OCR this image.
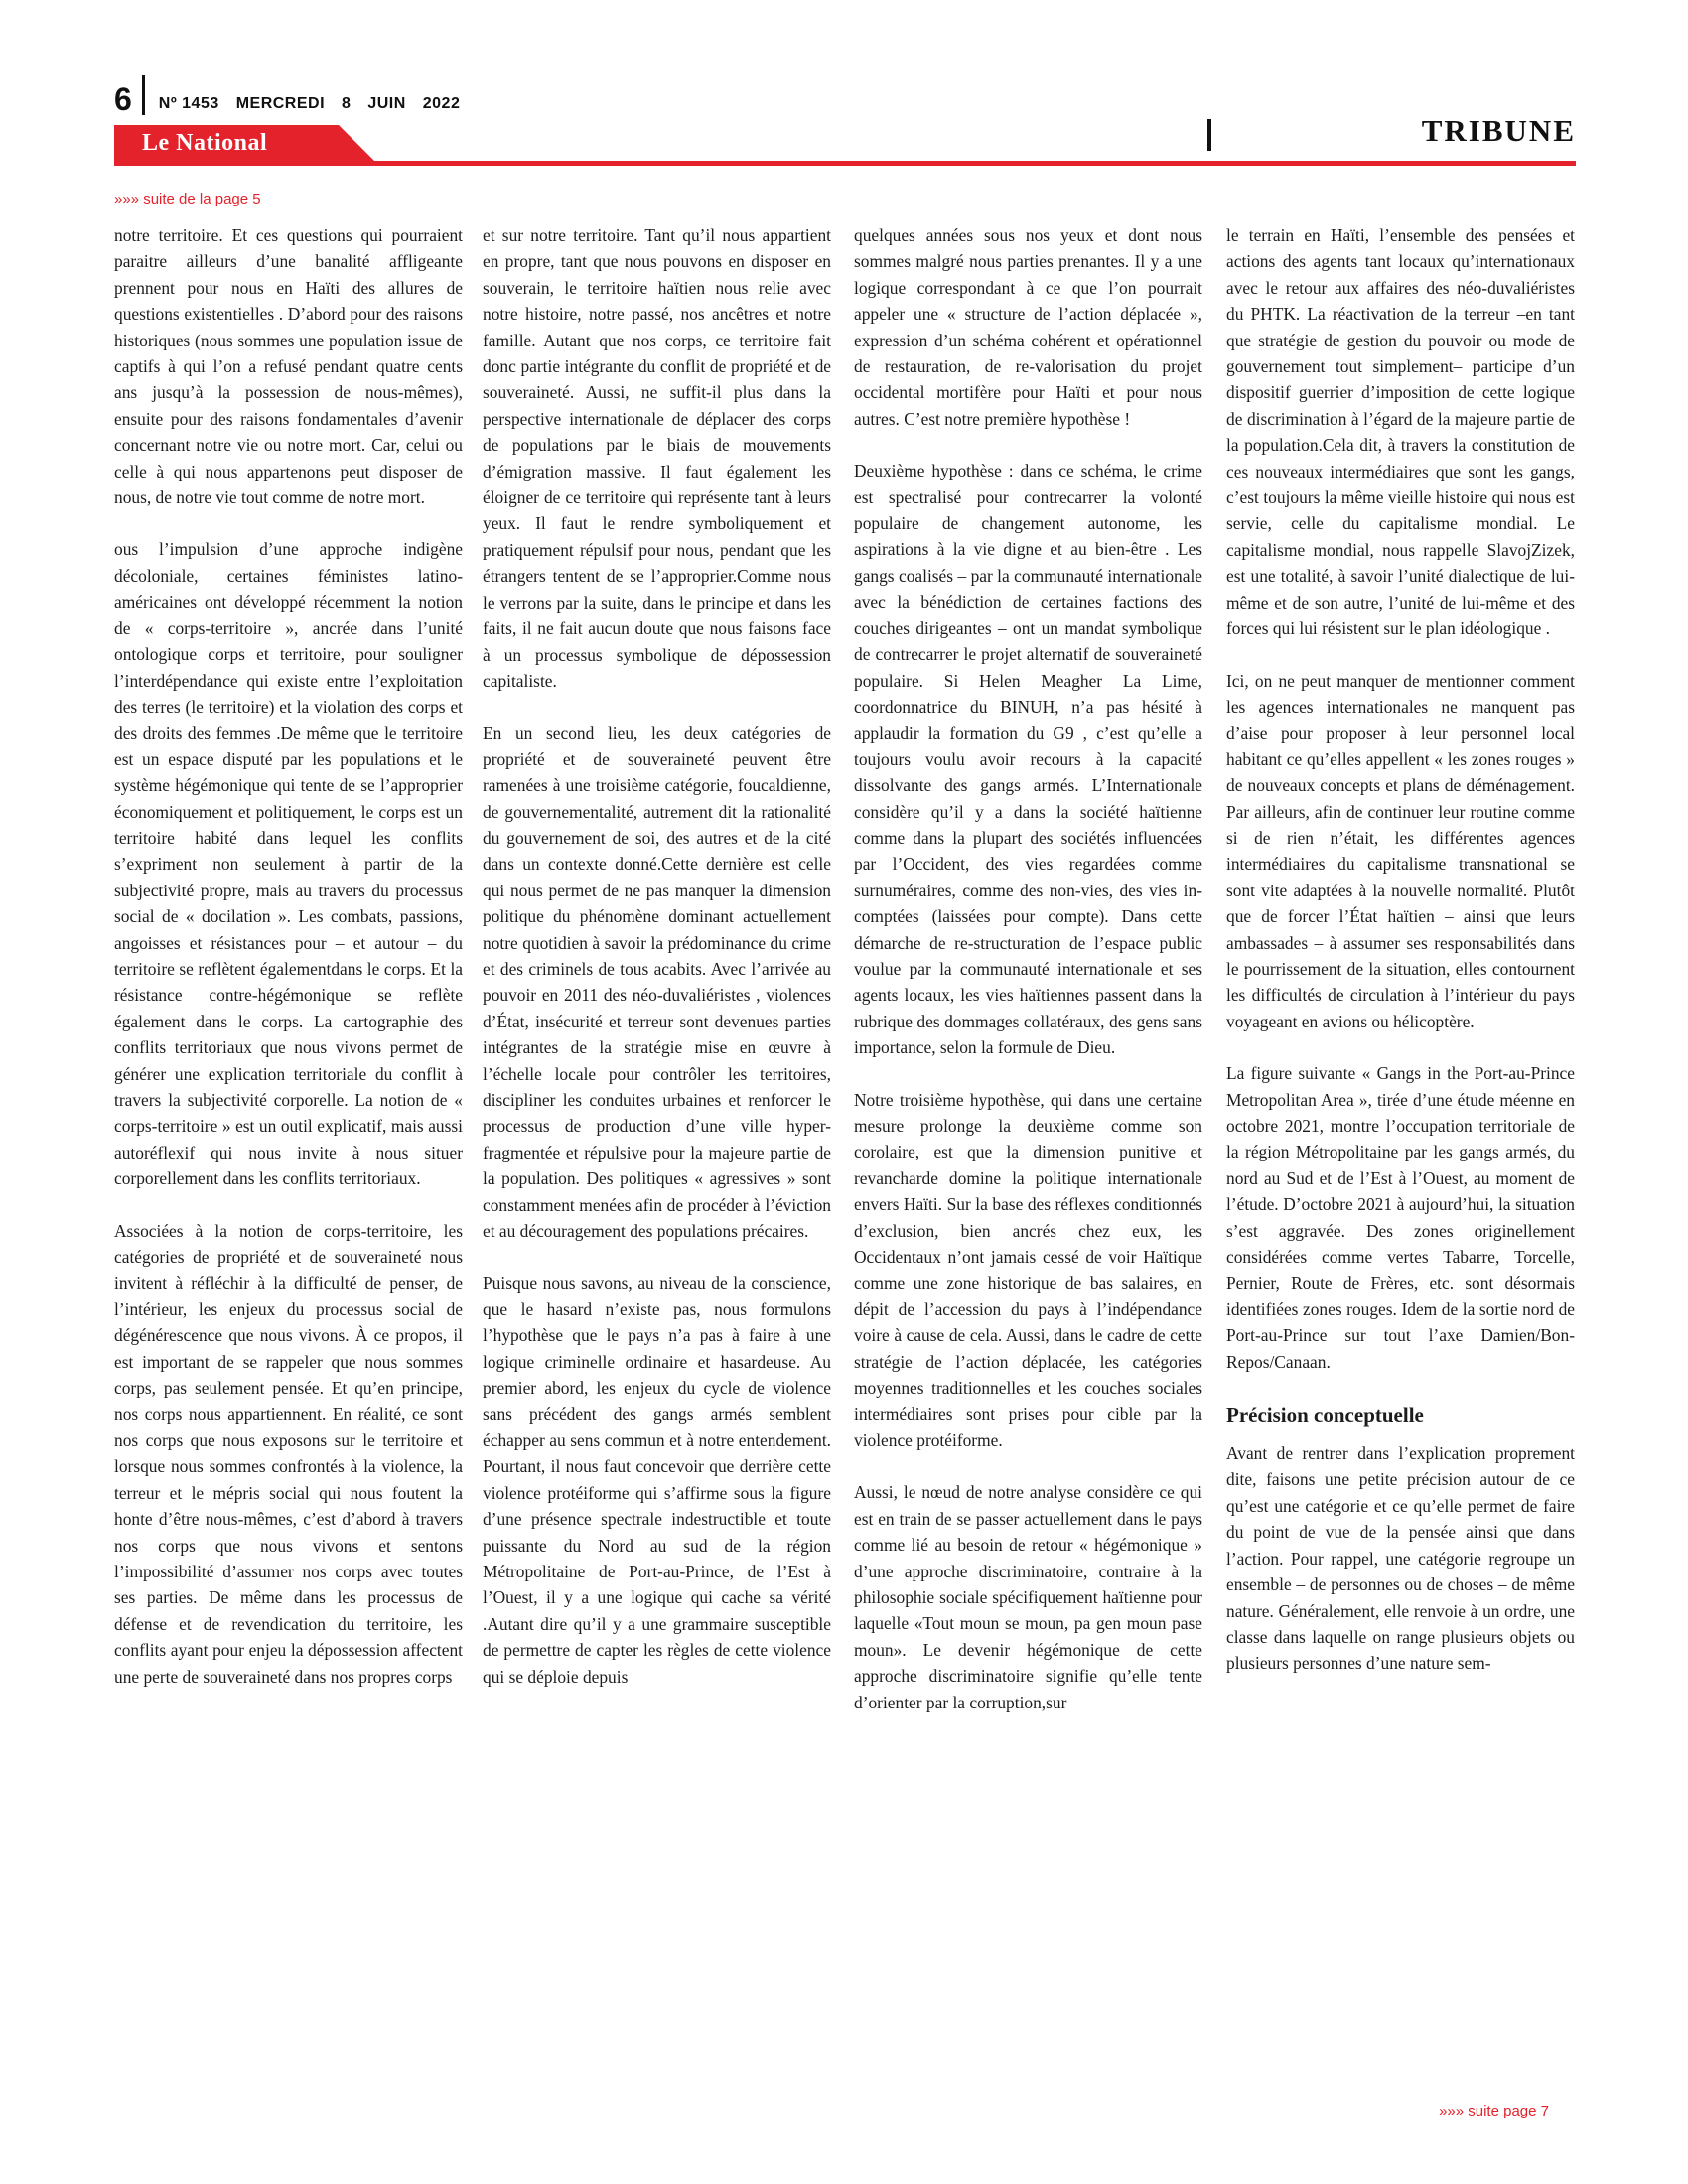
6 Nº 1453 MERCREDI 8 JUIN 2022
TRIBUNE
Le National
»»» suite de la page 5

notre territoire. Et ces questions qui pourraient paraitre ailleurs d’une banalité affligeante prennent pour nous en Haïti des allures de questions existentielles . D’abord pour des raisons historiques (nous sommes une population issue de captifs à qui l’on a refusé pendant quatre cents ans jusqu’à la possession de nous-mêmes), ensuite pour des raisons fondamentales d’avenir concernant notre vie ou notre mort. Car, celui ou celle à qui nous appartenons peut disposer de nous, de notre vie tout comme de notre mort.

ous l’impulsion d’une approche indigène décoloniale, certaines féministes latino-américaines ont développé récemment la notion de « corps-territoire », ancrée dans l’unité ontologique corps et territoire, pour souligner l’interdépendance qui existe entre l’exploitation des terres (le territoire) et la violation des corps et des droits des femmes .De même que le territoire est un espace disputé par les populations et le système hégémonique qui tente de se l’approprier économiquement et politiquement, le corps est un territoire habité dans lequel les conflits s’expriment non seulement à partir de la subjectivité propre, mais au travers du processus social de « docilation ». Les combats, passions, angoisses et résistances pour – et autour – du territoire se reflètent égalementdans le corps. Et la résistance contre-hégémonique se reflète également dans le corps. La cartographie des conflits territoriaux que nous vivons permet de générer une explication territoriale du conflit à travers la subjectivité corporelle. La notion de « corps-territoire » est un outil explicatif, mais aussi autoréflexif qui nous invite à nous situer corporellement dans les conflits territoriaux.

Associées à la notion de corps-territoire, les catégories de propriété et de souveraineté nous invitent à réfléchir à la difficulté de penser, de l’intérieur, les enjeux du processus social de dégénérescence que nous vivons. À ce propos, il est important de se rappeler que nous sommes corps, pas seulement pensée. Et qu’en principe, nos corps nous appartiennent. En réalité, ce sont nos corps que nous exposons sur le territoire et lorsque nous sommes confrontés à la violence, la terreur et le mépris social qui nous foutent la honte d’être nous-mêmes, c’est d’abord à travers nos corps que nous vivons et sentons l’impossibilité d’assumer nos corps avec toutes ses parties. De même dans les processus de défense et de revendication du territoire, les conflits ayant pour enjeu la dépossession affectent une perte de souveraineté dans nos propres corps

et sur notre territoire. Tant qu’il nous appartient en propre, tant que nous pouvons en disposer en souverain, le territoire haïtien nous relie avec notre histoire, notre passé, nos ancêtres et notre famille. Autant que nos corps, ce territoire fait donc partie intégrante du conflit de propriété et de souveraineté. Aussi, ne suffit-il plus dans la perspective internationale de déplacer des corps de populations par le biais de mouvements d’émigration massive. Il faut également les éloigner de ce territoire qui représente tant à leurs yeux. Il faut le rendre symboliquement et pratiquement répulsif pour nous, pendant que les étrangers tentent de se l’approprier.Comme nous le verrons par la suite, dans le principe et dans les faits, il ne fait aucun doute que nous faisons face à un processus symbolique de dépossession capitaliste.

En un second lieu, les deux catégories de propriété et de souveraineté peuvent être ramenées à une troisième catégorie, foucaldienne, de gouvernementalité, autrement dit la rationalité du gouvernement de soi, des autres et de la cité dans un contexte donné.Cette dernière est celle qui nous permet de ne pas manquer la dimension politique du phénomène dominant actuellement notre quotidien à savoir la prédominance du crime et des criminels de tous acabits. Avec l’arrivée au pouvoir en 2011 des néo-duvaliéristes , violences d’État, insécurité et terreur sont devenues parties intégrantes de la stratégie mise en œuvre à l’échelle locale pour contrôler les territoires, discipliner les conduites urbaines et renforcer le processus de production d’une ville hyper-fragmentée et répulsive pour la majeure partie de la population. Des politiques « agressives » sont constamment menées afin de procéder à l’éviction et au découragement des populations précaires.

Puisque nous savons, au niveau de la conscience, que le hasard n’existe pas, nous formulons l’hypothèse que le pays n’a pas à faire à une logique criminelle ordinaire et hasardeuse. Au premier abord, les enjeux du cycle de violence sans précédent des gangs armés semblent échapper au sens commun et à notre entendement. Pourtant, il nous faut concevoir que derrière cette violence protéiforme qui s’affirme sous la figure d’une présence spectrale indestructible et toute puissante du Nord au sud de la région Métropolitaine de Port-au-Prince, de l’Est à l’Ouest, il y a une logique qui cache sa vérité .Autant dire qu’il y a une grammaire susceptible de permettre de capter les règles de cette violence qui se déploie depuis

quelques années sous nos yeux et dont nous sommes malgré nous parties prenantes. Il y a une logique correspondant à ce que l’on pourrait appeler une « structure de l’action déplacée », expression d’un schéma cohérent et opérationnel de restauration, de re-valorisation du projet occidental mortifère pour Haïti et pour nous autres. C’est notre première hypothèse !

Deuxième hypothèse : dans ce schéma, le crime est spectralisé pour contrecarrer la volonté populaire de changement autonome, les aspirations à la vie digne et au bien-être . Les gangs coalisés – par la communauté internationale avec la bénédiction de certaines factions des couches dirigeantes – ont un mandat symbolique de contrecarrer le projet alternatif de souveraineté populaire. Si Helen Meagher La Lime, coordonnatrice du BINUH, n’a pas hésité à applaudir la formation du G9 , c’est qu’elle a toujours voulu avoir recours à la capacité dissolvante des gangs armés. L’Internationale considère qu’il y a dans la société haïtienne comme dans la plupart des sociétés influencées par l’Occident, des vies regardées comme surnuméraires, comme des non-vies, des vies in-comptées (laissées pour compte). Dans cette démarche de re-structuration de l’espace public voulue par la communauté internationale et ses agents locaux, les vies haïtiennes passent dans la rubrique des dommages collatéraux, des gens sans importance, selon la formule de Dieu.

Notre troisième hypothèse, qui dans une certaine mesure prolonge la deuxième comme son corolaire, est que la dimension punitive et revancharde domine la politique internationale envers Haïti. Sur la base des réflexes conditionnés d’exclusion, bien ancrés chez eux, les Occidentaux n’ont jamais cessé de voir Haïtique comme une zone historique de bas salaires, en dépit de l’accession du pays à l’indépendance voire à cause de cela. Aussi, dans le cadre de cette stratégie de l’action déplacée, les catégories moyennes traditionnelles et les couches sociales intermédiaires sont prises pour cible par la violence protéiforme.

Aussi, le nœud de notre analyse considère ce qui est en train de se passer actuellement dans le pays comme lié au besoin de retour « hégémonique » d’une approche discriminatoire, contraire à la philosophie sociale spécifiquement haïtienne pour laquelle «Tout moun se moun, pa gen moun pase moun». Le devenir hégémonique de cette approche discriminatoire signifie qu’elle tente d’orienter par la corruption,sur

le terrain en Haïti, l’ensemble des pensées et actions des agents tant locaux qu’internationaux avec le retour aux affaires des néo-duvaliéristes du PHTK. La réactivation de la terreur –en tant que stratégie de gestion du pouvoir ou mode de gouvernement tout simplement– participe d’un dispositif guerrier d’imposition de cette logique de discrimination à l’égard de la majeure partie de la population.Cela dit, à travers la constitution de ces nouveaux intermédiaires que sont les gangs, c’est toujours la même vieille histoire qui nous est servie, celle du capitalisme mondial. Le capitalisme mondial, nous rappelle SlavojZizek, est une totalité, à savoir l’unité dialectique de lui-même et de son autre, l’unité de lui-même et des forces qui lui résistent sur le plan idéologique .

Ici, on ne peut manquer de mentionner comment les agences internationales ne manquent pas d’aise pour proposer à leur personnel local habitant ce qu’elles appellent « les zones rouges » de nouveaux concepts et plans de déménagement. Par ailleurs, afin de continuer leur routine comme si de rien n’était, les différentes agences intermédiaires du capitalisme transnational se sont vite adaptées à la nouvelle normalité. Plutôt que de forcer l’État haïtien – ainsi que leurs ambassades – à assumer ses responsabilités dans le pourrissement de la situation, elles contournent les difficultés de circulation à l’intérieur du pays voyageant en avions ou hélicoptère.

La figure suivante « Gangs in the Port-au-Prince Metropolitan Area », tirée d’une étude méenne en octobre 2021, montre l’occupation territoriale de la région Métropolitaine par les gangs armés, du nord au Sud et de l’Est à l’Ouest, au moment de l’étude. D’octobre 2021 à aujourd’hui, la situation s’est aggravée. Des zones originellement considérées comme vertes Tabarre, Torcelle, Pernier, Route de Frères, etc. sont désormais identifiées zones rouges. Idem de la sortie nord de Port-au-Prince sur tout l’axe Damien/Bon-Repos/Canaan.

Précision conceptuelle

Avant de rentrer dans l’explication proprement dite, faisons une petite précision autour de ce qu’est une catégorie et ce qu’elle permet de faire du point de vue de la pensée ainsi que dans l’action. Pour rappel, une catégorie regroupe un ensemble – de personnes ou de choses – de même nature. Généralement, elle renvoie à un ordre, une classe dans laquelle on range plusieurs objets ou plusieurs personnes d’une nature sem-

»»» suite page 7
